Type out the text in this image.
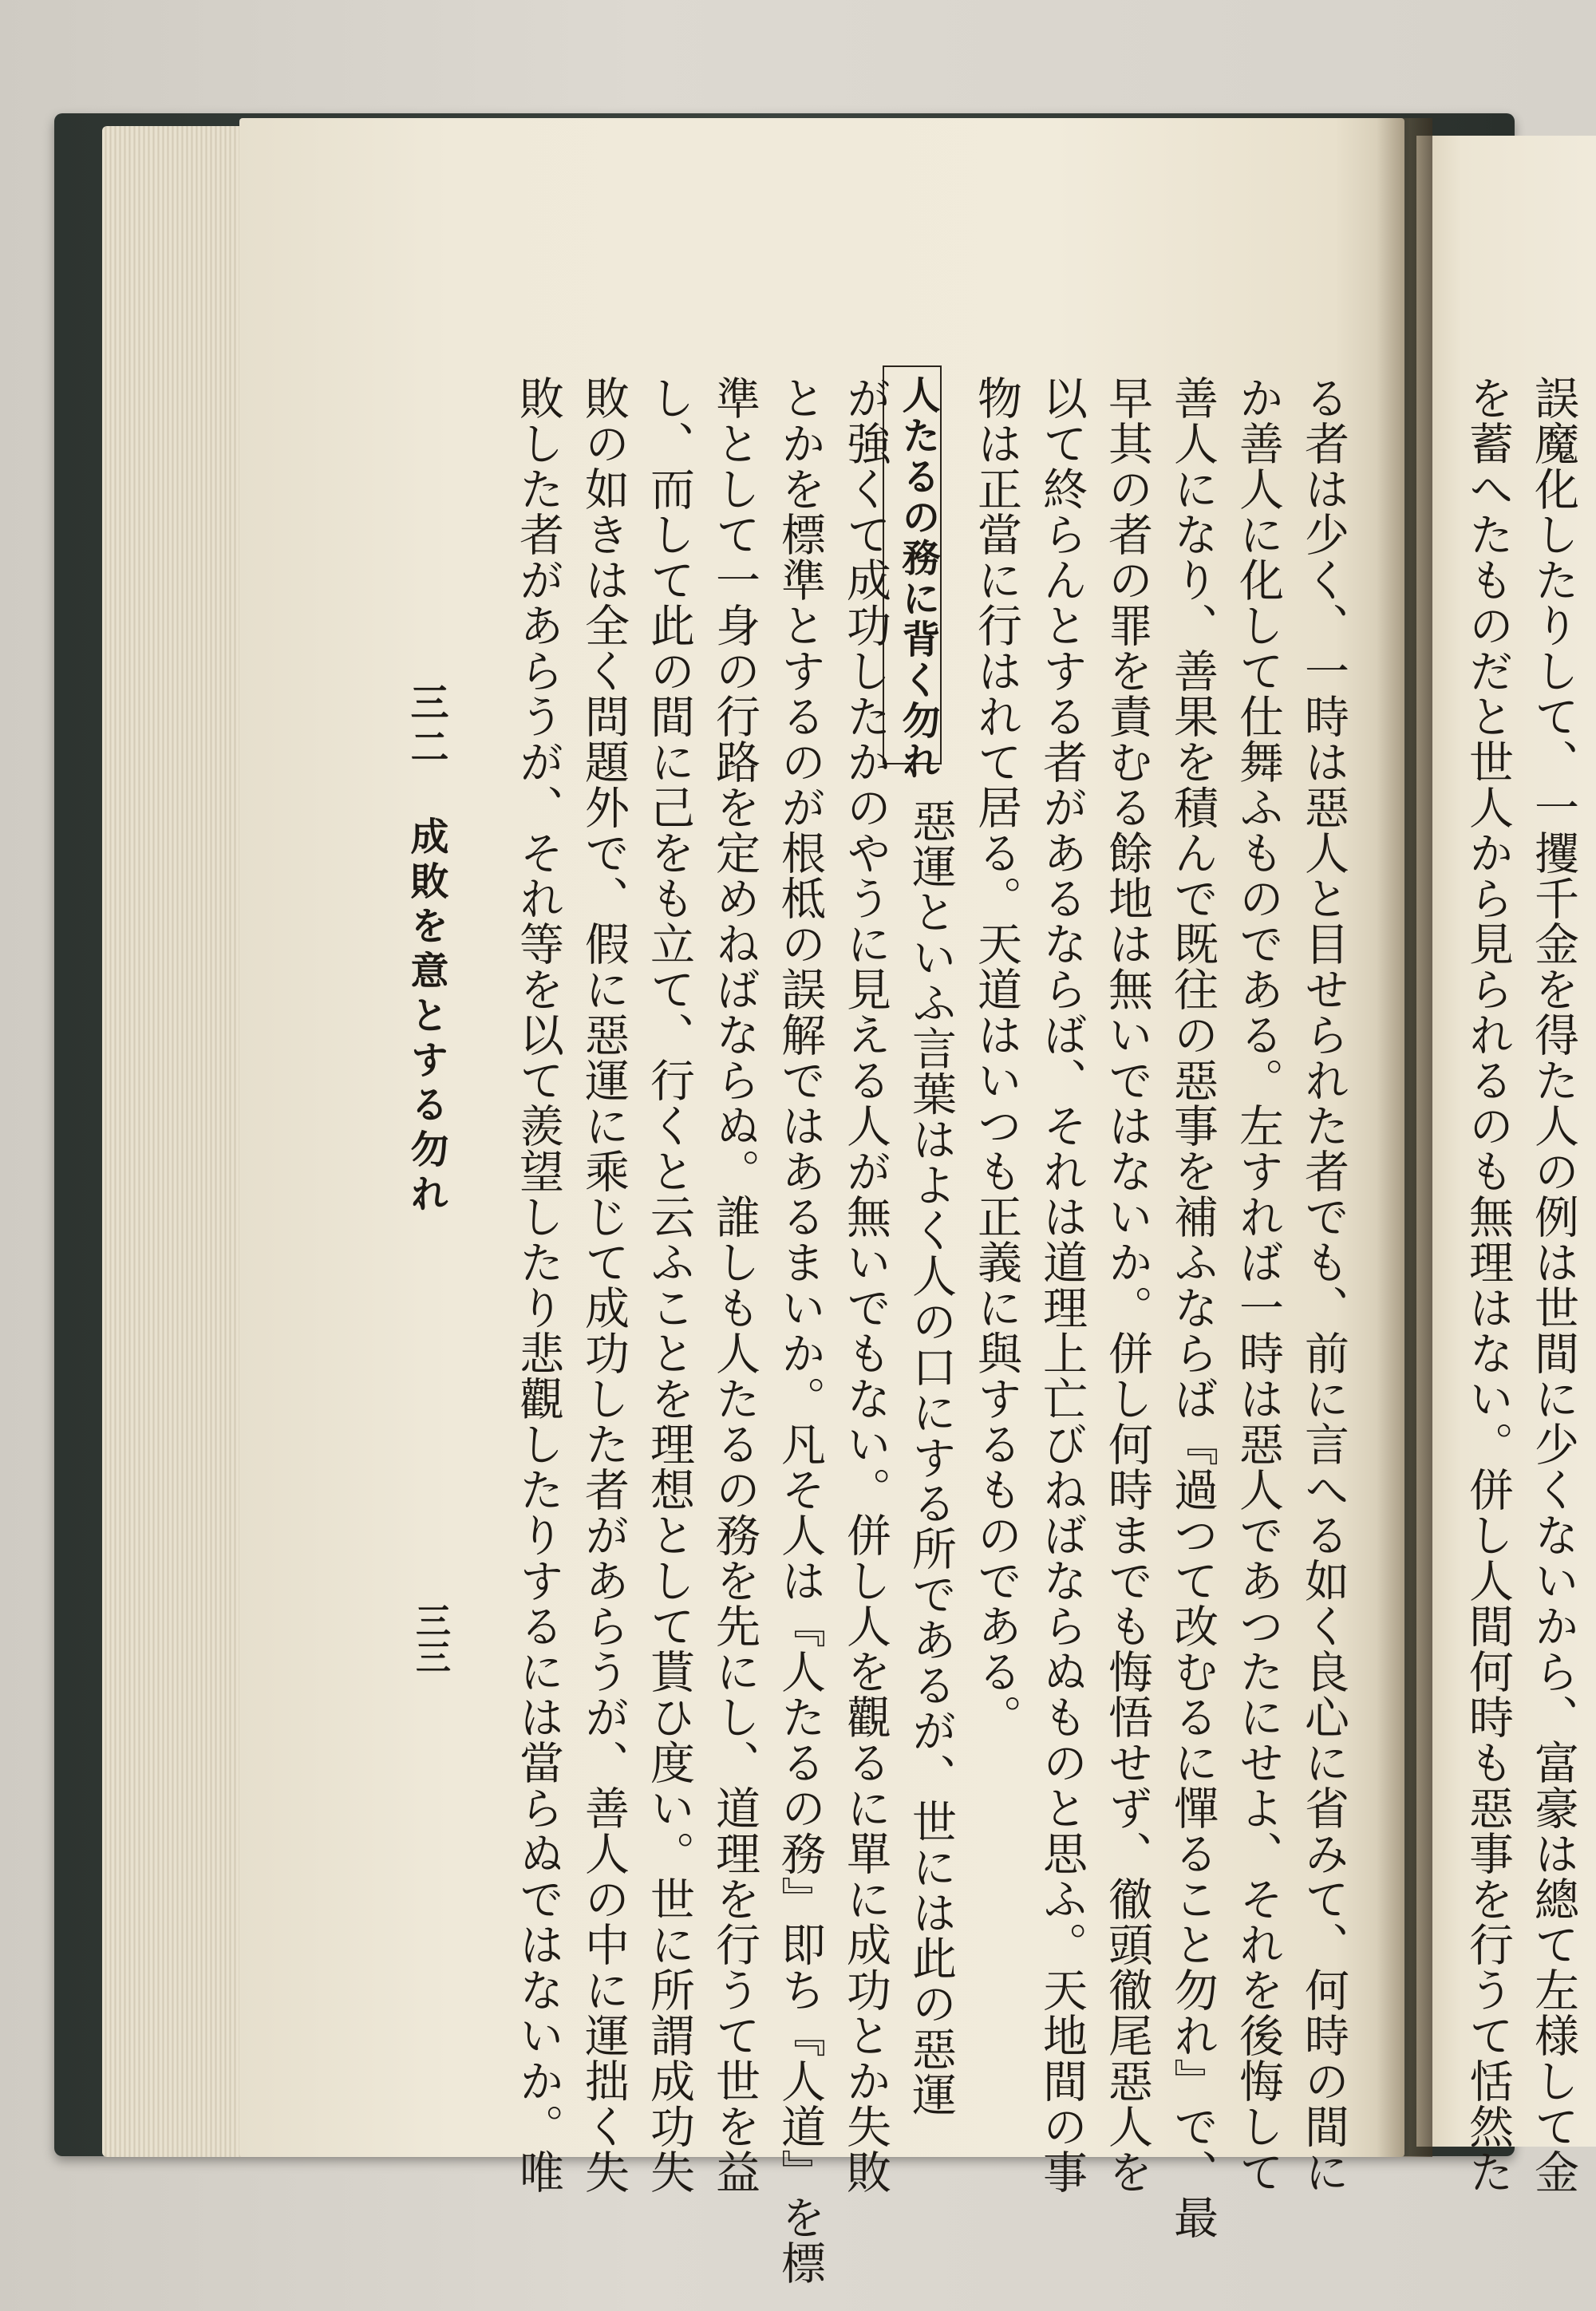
誤魔化したりして、一攫千金を得た人の例は世間に少くないから、富豪は總て左様して金
を蓄へたものだと世人から見られるのも無理はない。併し人間何時も惡事を行うて恬然た
る者は少く、一時は惡人と目せられた者でも、前に言へる如く良心に省みて、何時の間に
か善人に化して仕舞ふものである。左すれば一時は惡人であつたにせよ、それを後悔して
善人になり、善果を積んで既往の惡事を補ふならば『過つて改むるに憚ること勿れ』で、最
早其の者の罪を責むる餘地は無いではないか。併し何時までも悔悟せず、徹頭徹尾惡人を
以て終らんとする者があるならば、それは道理上亡びねばならぬものと思ふ。天地間の事
物は正當に行はれて居る。天道はいつも正義に與するものである。
人たるの務に背く勿れ
惡運といふ言葉はよく人の口にする所であるが、世には此の惡運
が強くて成功したかのやうに見える人が無いでもない。併し人を觀るに單に成功とか失敗
とかを標準とするのが根柢の誤解ではあるまいか。凡そ人は『人たるの務』即ち『人道』を標
準として一身の行路を定めねばならぬ。誰しも人たるの務を先にし、道理を行うて世を益
し、而して此の間に己をも立て、行くと云ふことを理想として貰ひ度い。世に所謂成功失
敗の如きは全く問題外で、假に惡運に乘じて成功した者があらうが、善人の中に運拙く失
敗した者があらうが、それ等を以て羨望したり悲觀したりするには當らぬではないか。唯
三二　成敗を意とする勿れ
三三
